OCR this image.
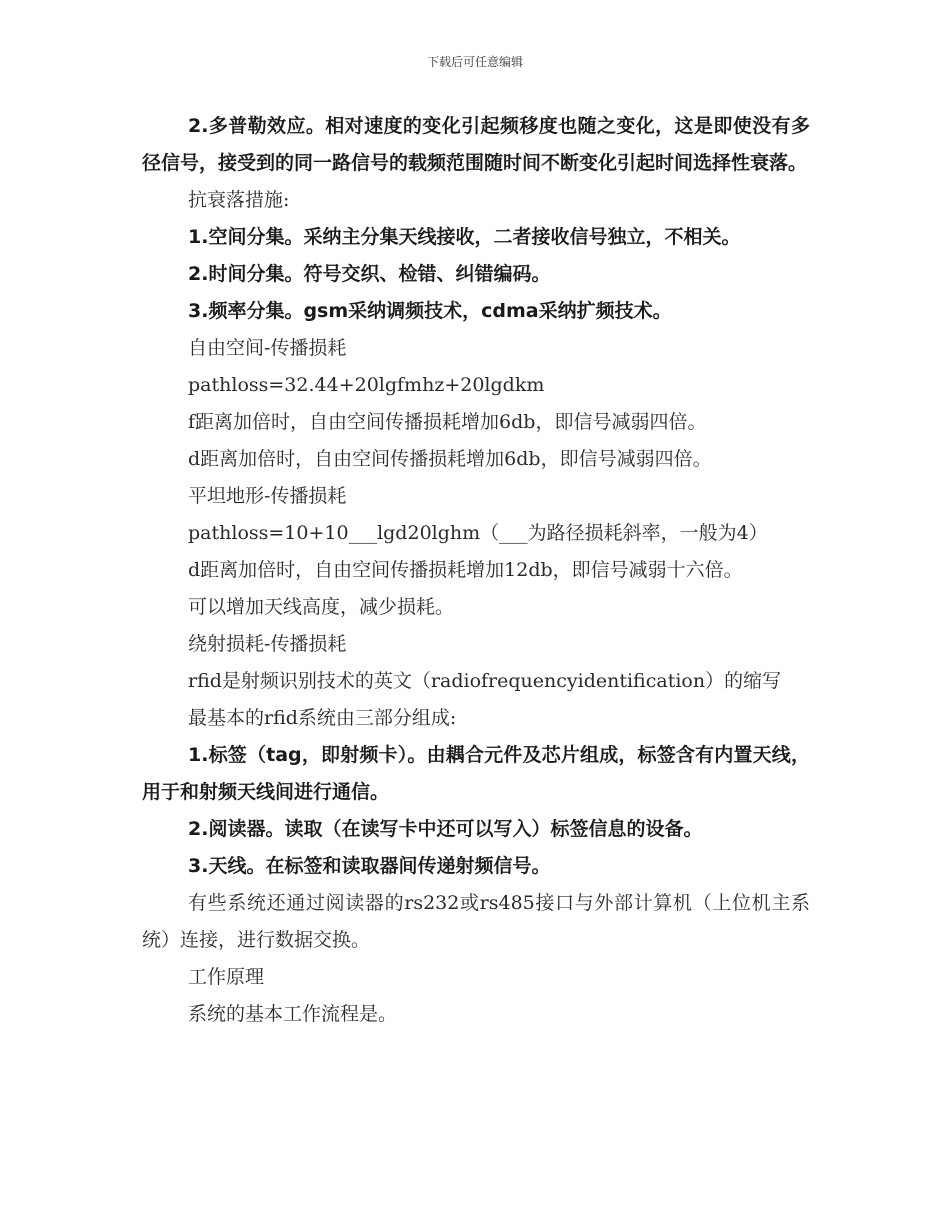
下载后可任意编辑

2.多普勒效应。相对速度的变化引起频移度也随之变化，这是即使没有多径信号，接受到的同一路信号的载频范围随时间不断变化引起时间选择性衰落。

抗衰落措施:

1.空间分集。采纳主分集天线接收，二者接收信号独立，不相关。

2.时间分集。符号交织、检错、纠错编码。

3.频率分集。gsm采纳调频技术，cdma采纳扩频技术。

自由空间-传播损耗

pathloss=32.44+20lgfmhz+20lgdkm

f距离加倍时，自由空间传播损耗增加6db，即信号减弱四倍。

d距离加倍时，自由空间传播损耗增加6db，即信号减弱四倍。

平坦地形-传播损耗

pathloss=10+10___lgd20lghm（___为路径损耗斜率，一般为4）

d距离加倍时，自由空间传播损耗增加12db，即信号减弱十六倍。

可以增加天线高度，减少损耗。

绕射损耗-传播损耗

rfid是射频识别技术的英文（radiofrequencyidentification）的缩写

最基本的rfid系统由三部分组成:

1.标签（tag，即射频卡）。由耦合元件及芯片组成，标签含有内置天线，用于和射频天线间进行通信。

2.阅读器。读取（在读写卡中还可以写入）标签信息的设备。

3.天线。在标签和读取器间传递射频信号。

有些系统还通过阅读器的rs232或rs485接口与外部计算机（上位机主系统）连接，进行数据交换。

工作原理

系统的基本工作流程是。
